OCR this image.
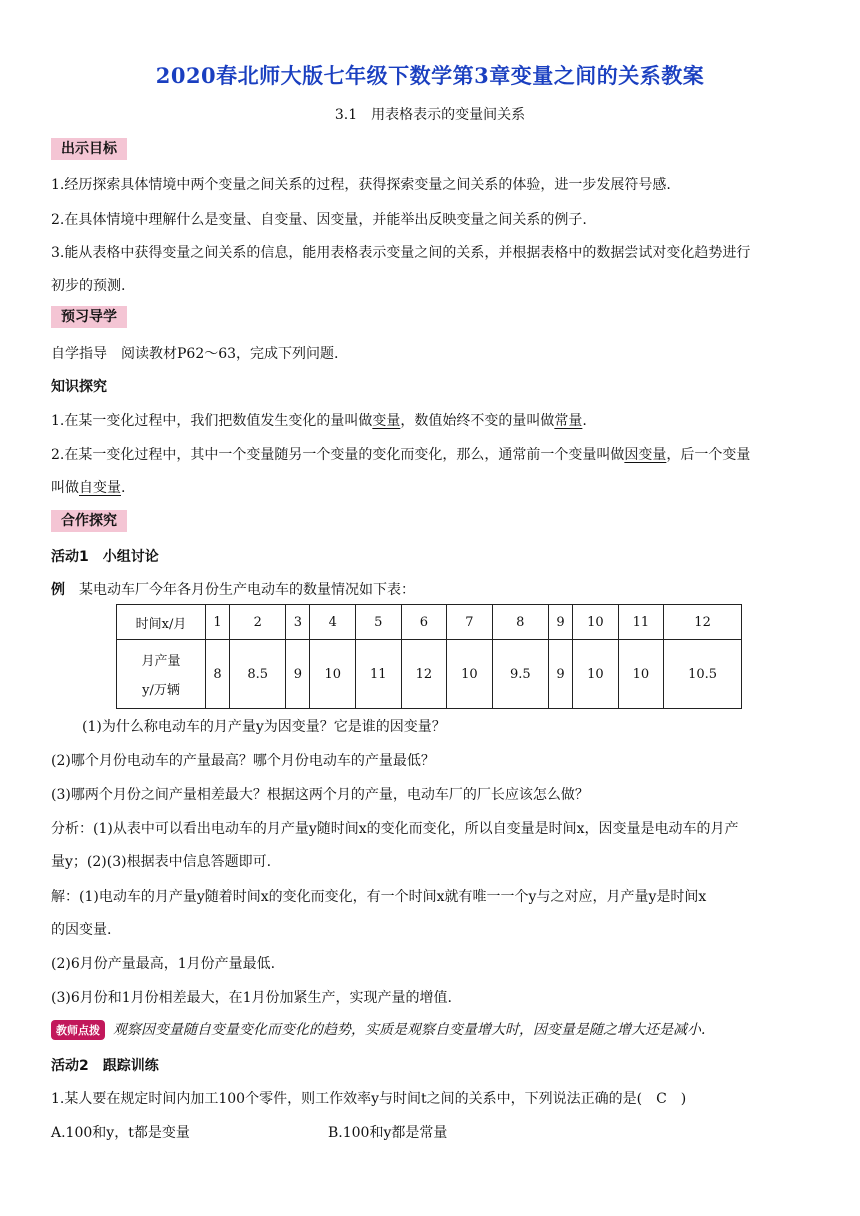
2020春北师大版七年级下数学第3章变量之间的关系教案
3.1　用表格表示的变量间关系
出示目标
1.经历探索具体情境中两个变量之间关系的过程，获得探索变量之间关系的体验，进一步发展符号感.
2.在具体情境中理解什么是变量、自变量、因变量，并能举出反映变量之间关系的例子.
3.能从表格中获得变量之间关系的信息，能用表格表示变量之间的关系，并根据表格中的数据尝试对变化趋势进行
初步的预测.
预习导学
自学指导　阅读教材P62～63，完成下列问题.
知识探究
1.在某一变化过程中，我们把数值发生变化的量叫做变量，数值始终不变的量叫做常量.
2.在某一变化过程中，其中一个变量随另一个变量的变化而变化，那么，通常前一个变量叫做因变量，后一个变量
叫做自变量.
合作探究
活动1　小组讨论
例　 某电动车厂今年各月份生产电动车的数量情况如下表：
时间x/月	1	2	3	4	5	6	7	8	9	10	11	12

月产量
y/万辆	8	8.5	9	10	11	12	10	9.5	9	10	10	10.5
(1)为什么称电动车的月产量y为因变量？它是谁的因变量？
(2)哪个月份电动车的产量最高？哪个月份电动车的产量最低？
(3)哪两个月份之间产量相差最大？根据这两个月的产量，电动车厂的厂长应该怎么做？
分析：(1)从表中可以看出电动车的月产量y随时间x的变化而变化，所以自变量是时间x，因变量是电动车的月产
量y；(2)(3)根据表中信息答题即可.
解：(1)电动车的月产量y随着时间x的变化而变化，有一个时间x就有唯一一个y与之对应，月产量y是时间x
的因变量.
(2)6月份产量最高，1月份产量最低.
(3)6月份和1月份相差最大，在1月份加紧生产，实现产量的增值.
教师点拨 观察因变量随自变量变化而变化的趋势，实质是观察自变量增大时，因变量是随之增大还是减小.
活动2　跟踪训练
1.某人要在规定时间内加工100个零件，则工作效率y与时间t之间的关系中，下列说法正确的是(　C　)
A.100和y，t都是变量	B.100和y都是常量
